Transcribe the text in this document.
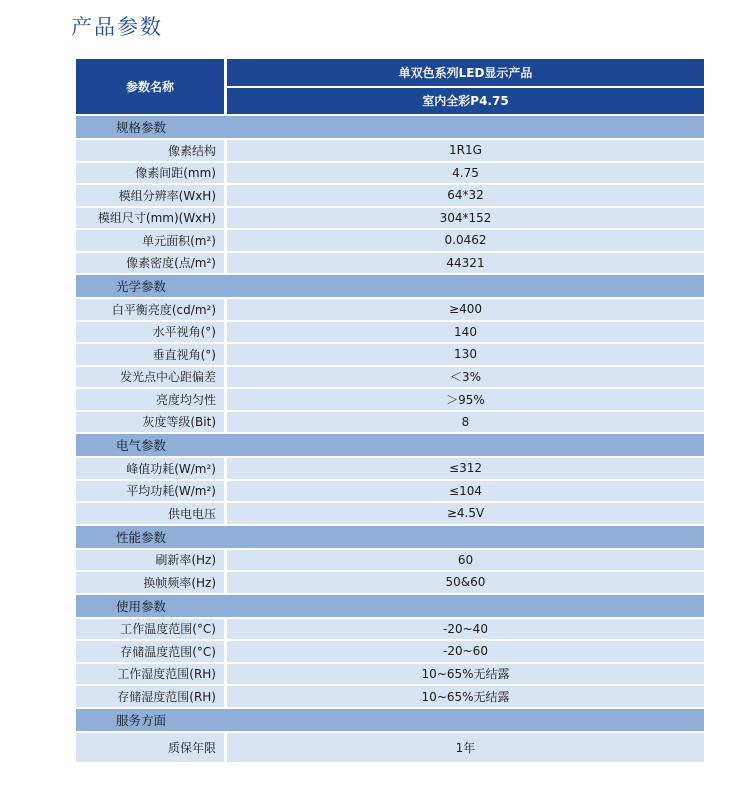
产品参数
参数名称
单双色系列LED显示产品
室内全彩P4.75
规格参数
像素结构	1R1G
像素间距(mm)	4.75
模组分辨率(WxH)	64*32
模组尺寸(mm)(WxH)	304*152
单元面积(m²)	0.0462
像素密度(点/m²)	44321
光学参数
白平衡亮度(cd/m²)	≥400
水平视角(°)	140
垂直视角(°)	130
发光点中心距偏差	＜3%
亮度均匀性	＞95%
灰度等级(Bit)	8
电气参数
峰值功耗(W/m²)	≤312
平均功耗(W/m²)	≤104
供电电压	≥4.5V
性能参数
刷新率(Hz)	60
换帧频率(Hz)	50&60
使用参数
工作温度范围(°C)	-20~40
存储温度范围(°C)	-20~60
工作湿度范围(RH)	10~65%无结露
存储湿度范围(RH)	10~65%无结露
服务方面
质保年限	1年
